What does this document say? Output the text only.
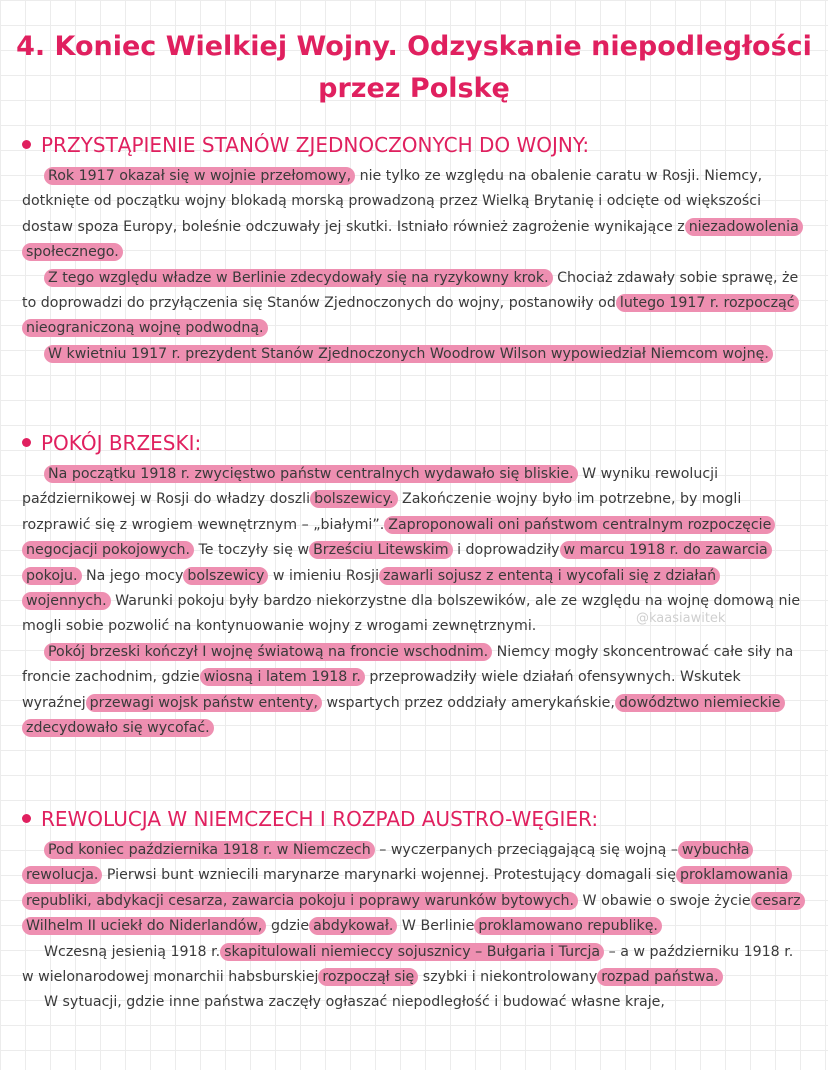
4. Koniec Wielkiej Wojny. Odzyskanie niepodległości
przez Polskę
PRZYSTĄPIENIE STANÓW ZJEDNOCZONYCH DO WOJNY:

Rok 1917 okazał się w wojnie przełomowy, nie tylko ze względu na obalenie caratu w Rosji. Niemcy, dotknięte od początku wojny blokadą morską prowadzoną przez Wielką Brytanię i odcięte od większości dostaw spoza Europy, boleśnie odczuwały jej skutki. Istniało również zagrożenie wynikające z niezadowolenia społecznego.

Z tego względu władze w Berlinie zdecydowały się na ryzykowny krok. Chociaż zdawały sobie sprawę, że to doprowadzi do przyłączenia się Stanów Zjednoczonych do wojny, postanowiły od lutego 1917 r. rozpocząć nieograniczoną wojnę podwodną.

W kwietniu 1917 r. prezydent Stanów Zjednoczonych Woodrow Wilson wypowiedział Niemcom wojnę.

POKÓJ BRZESKI:

Na początku 1918 r. zwycięstwo państw centralnych wydawało się bliskie. W wyniku rewolucji październikowej w Rosji do władzy doszli bolszewicy. Zakończenie wojny było im potrzebne, by mogli rozprawić się z wrogiem wewnętrznym – „białymi”. Zaproponowali oni państwom centralnym rozpoczęcie negocjacji pokojowych. Te toczyły się w Brześciu Litewskim i doprowadziły w marcu 1918 r. do zawarcia pokoju. Na jego mocy bolszewicy w imieniu Rosji zawarli sojusz z ententą i wycofali się z działań wojennych. Warunki pokoju były bardzo niekorzystne dla bolszewików, ale ze względu na wojnę domową nie mogli sobie pozwolić na kontynuowanie wojny z wrogami zewnętrznymi.

Pokój brzeski kończył I wojnę światową na froncie wschodnim. Niemcy mogły skoncentrować całe siły na froncie zachodnim, gdzie wiosną i latem 1918 r. przeprowadziły wiele działań ofensywnych. Wskutek wyraźnej przewagi wojsk państw ententy, wspartych przez oddziały amerykańskie, dowództwo niemieckie zdecydowało się wycofać.

REWOLUCJA W NIEMCZECH I ROZPAD AUSTRO-WĘGIER:

Pod koniec października 1918 r. w Niemczech – wyczerpanych przeciągającą się wojną – wybuchła rewolucja. Pierwsi bunt wzniecili marynarze marynarki wojennej. Protestujący domagali się proklamowania republiki, abdykacji cesarza, zawarcia pokoju i poprawy warunków bytowych. W obawie o swoje życie cesarz Wilhelm II uciekł do Niderlandów, gdzie abdykował. W Berlinie proklamowano republikę.

Wczesną jesienią 1918 r. skapitulowali niemieccy sojusznicy – Bułgaria i Turcja – a w październiku 1918 r. w wielonarodowej monarchii habsburskiej rozpoczął się szybki i niekontrolowany rozpad państwa.

W sytuacji, gdzie inne państwa zaczęły ogłaszać niepodległość i budować własne kraje,

@kaasiawitek
